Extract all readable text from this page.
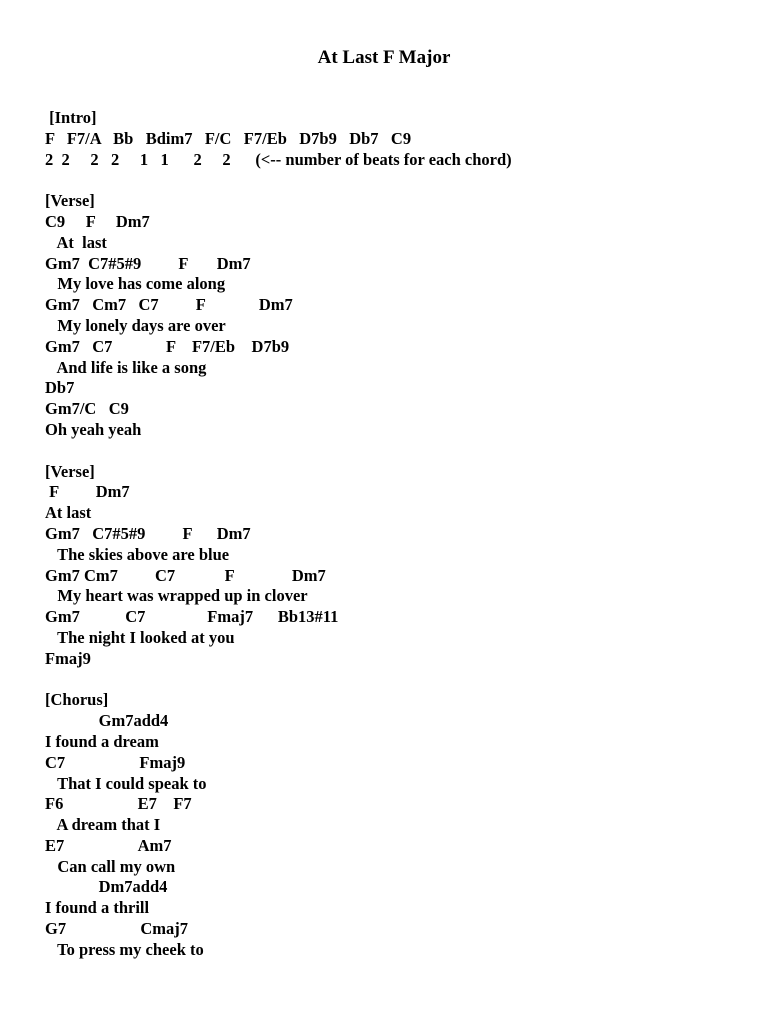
At Last F Major
[Intro]
F   F7/A   Bb   Bdim7   F/C   F7/Eb   D7b9   Db7   C9
2  2     2   2     1   1      2     2      (<-- number of beats for each chord)
[Verse]
C9     F     Dm7
At  last
Gm7  C7#5#9         F       Dm7
My love has come along
Gm7   Cm7   C7         F             Dm7
My lonely days are over
Gm7   C7             F    F7/Eb    D7b9
And life is like a song
Db7
Gm7/C   C9
Oh yeah yeah
[Verse]
F         Dm7
At last
Gm7   C7#5#9         F      Dm7
The skies above are blue
Gm7 Cm7         C7            F              Dm7
My heart was wrapped up in clover
Gm7           C7               Fmaj7      Bb13#11
The night I looked at you
Fmaj9
[Chorus]
Gm7add4
I found a dream
C7                  Fmaj9
That I could speak to
F6                  E7    F7
A dream that I
E7                  Am7
Can call my own
Dm7add4
I found a thrill
G7                  Cmaj7
To press my cheek to
